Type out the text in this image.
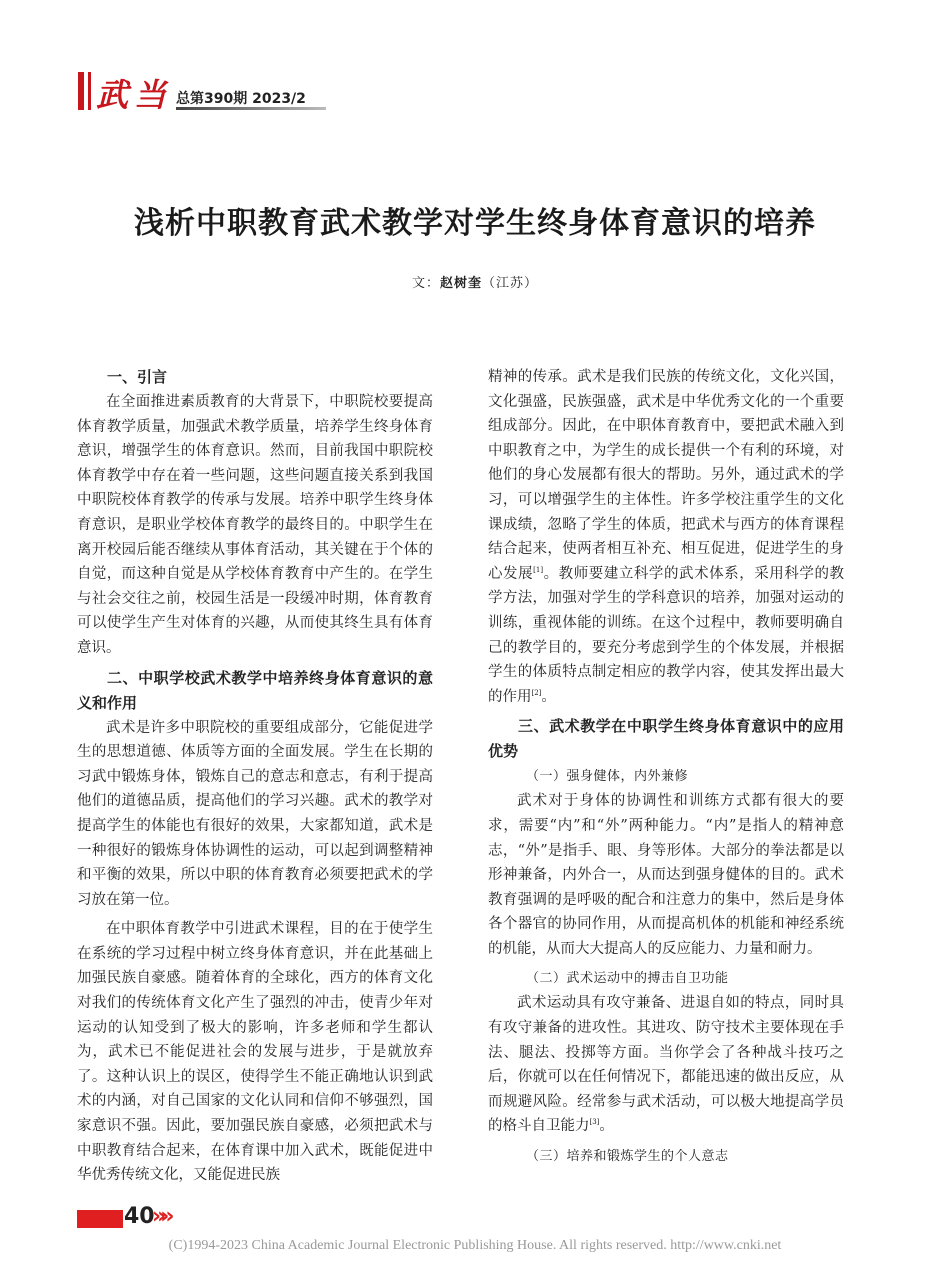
武当 总第390期 2023/2
浅析中职教育武术教学对学生终身体育意识的培养
文：赵树奎（江苏）

一、引言

在全面推进素质教育的大背景下，中职院校要提高体育教学质量，加强武术教学质量，培养学生终身体育意识，增强学生的体育意识。然而，目前我国中职院校体育教学中存在着一些问题，这些问题直接关系到我国中职院校体育教学的传承与发展。培养中职学生终身体育意识，是职业学校体育教学的最终目的。中职学生在离开校园后能否继续从事体育活动，其关键在于个体的自觉，而这种自觉是从学校体育教育中产生的。在学生与社会交往之前，校园生活是一段缓冲时期，体育教育可以使学生产生对体育的兴趣，从而使其终生具有体育意识。

二、中职学校武术教学中培养终身体育意识的意义和作用

武术是许多中职院校的重要组成部分，它能促进学生的思想道德、体质等方面的全面发展。学生在长期的习武中锻炼身体，锻炼自己的意志和意志，有利于提高他们的道德品质，提高他们的学习兴趣。武术的教学对提高学生的体能也有很好的效果，大家都知道，武术是一种很好的锻炼身体协调性的运动，可以起到调整精神和平衡的效果，所以中职的体育教育必须要把武术的学习放在第一位。

在中职体育教学中引进武术课程，目的在于使学生在系统的学习过程中树立终身体育意识，并在此基础上加强民族自豪感。随着体育的全球化，西方的体育文化对我们的传统体育文化产生了强烈的冲击，使青少年对运动的认知受到了极大的影响，许多老师和学生都认为，武术已不能促进社会的发展与进步，于是就放弃了。这种认识上的误区，使得学生不能正确地认识到武术的内涵，对自己国家的文化认同和信仰不够强烈，国家意识不强。因此，要加强民族自豪感，必须把武术与中职教育结合起来，在体育课中加入武术，既能促进中华优秀传统文化，又能促进民族

精神的传承。武术是我们民族的传统文化，文化兴国，文化强盛，民族强盛，武术是中华优秀文化的一个重要组成部分。因此，在中职体育教育中，要把武术融入到中职教育之中，为学生的成长提供一个有利的环境，对他们的身心发展都有很大的帮助。另外，通过武术的学习，可以增强学生的主体性。许多学校注重学生的文化课成绩，忽略了学生的体质，把武术与西方的体育课程结合起来，使两者相互补充、相互促进，促进学生的身心发展[1]。教师要建立科学的武术体系，采用科学的教学方法，加强对学生的学科意识的培养，加强对运动的训练，重视体能的训练。在这个过程中，教师要明确自己的教学目的，要充分考虑到学生的个体发展，并根据学生的体质特点制定相应的教学内容，使其发挥出最大的作用[2]。

三、武术教学在中职学生终身体育意识中的应用优势

（一）强身健体，内外兼修

武术对于身体的协调性和训练方式都有很大的要求，需要“内”和“外”两种能力。“内”是指人的精神意志，“外”是指手、眼、身等形体。大部分的拳法都是以形神兼备，内外合一，从而达到强身健体的目的。武术教育强调的是呼吸的配合和注意力的集中，然后是身体各个器官的协同作用，从而提高机体的机能和神经系统的机能，从而大大提高人的反应能力、力量和耐力。

（二）武术运动中的搏击自卫功能

武术运动具有攻守兼备、进退自如的特点，同时具有攻守兼备的进攻性。其进攻、防守技术主要体现在手法、腿法、投掷等方面。当你学会了各种战斗技巧之后，你就可以在任何情况下，都能迅速的做出反应，从而规避风险。经常参与武术活动，可以极大地提高学员的格斗自卫能力[3]。

（三）培养和锻炼学生的个人意志

40
»»
(C)1994-2023 China Academic Journal Electronic Publishing House. All rights reserved. http://www.cnki.net
